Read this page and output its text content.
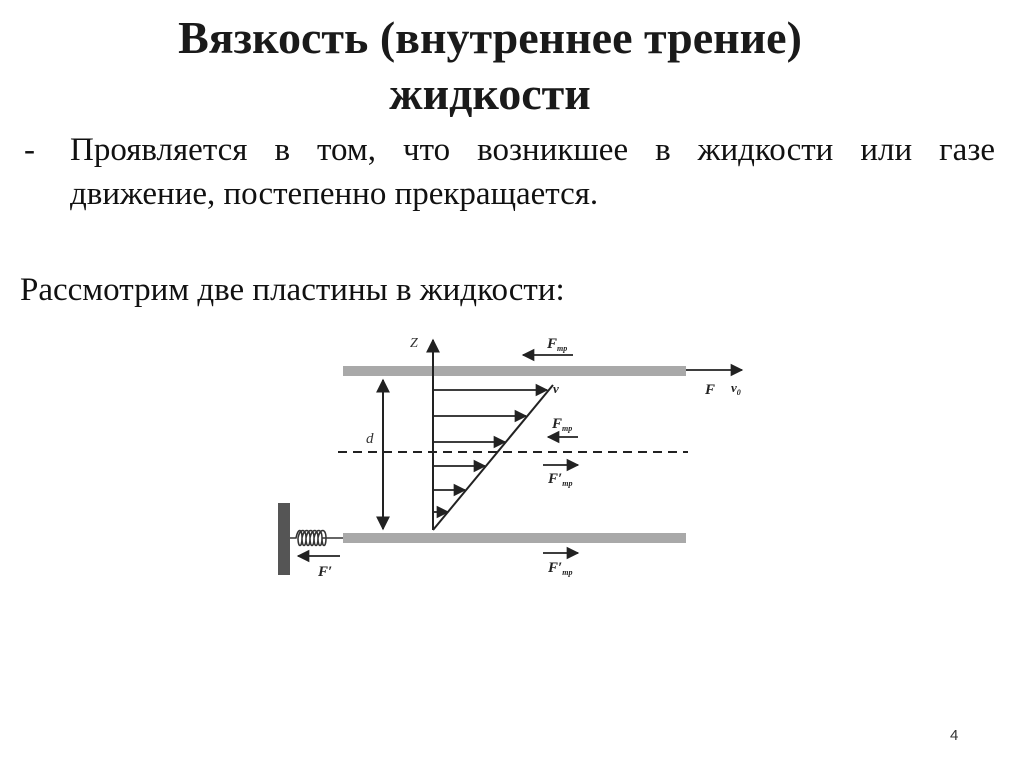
Вязкость (внутреннее трение)
жидкости
- Проявляется в том, что возникшее в жидкости или газе движение, постепенно прекращается.
Рассмотрим две пластины в жидкости:
Z
d
v
$F_{тр}$
F $v_0$
$F_{тр}$
$F'_{тр}$
$F'_{тр}$
F′
4
